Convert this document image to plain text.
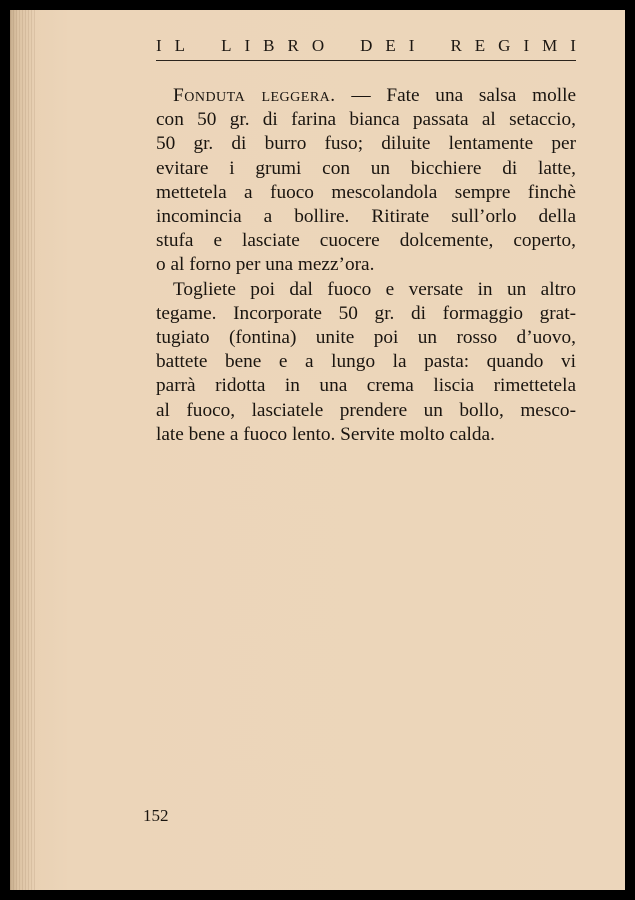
I L L I B R O D E I R E G I M I

Fonduta leggera. — Fate una salsa molle
con 50 gr. di farina bianca passata al setaccio,
50 gr. di burro fuso; diluite lentamente per
evitare i grumi con un bicchiere di latte,
mettetela a fuoco mescolandola sempre finchè
incomincia a bollire. Ritirate sull’orlo della
stufa e lasciate cuocere dolcemente, coperto,
o al forno per una mezz’ora.

Togliete poi dal fuoco e versate in un altro
tegame. Incorporate 50 gr. di formaggio grat-
tugiato (fontina) unite poi un rosso d’uovo,
battete bene e a lungo la pasta: quando vi
parrà ridotta in una crema liscia rimettetela
al fuoco, lasciatele prendere un bollo, mesco-
late bene a fuoco lento. Servite molto calda.

152
